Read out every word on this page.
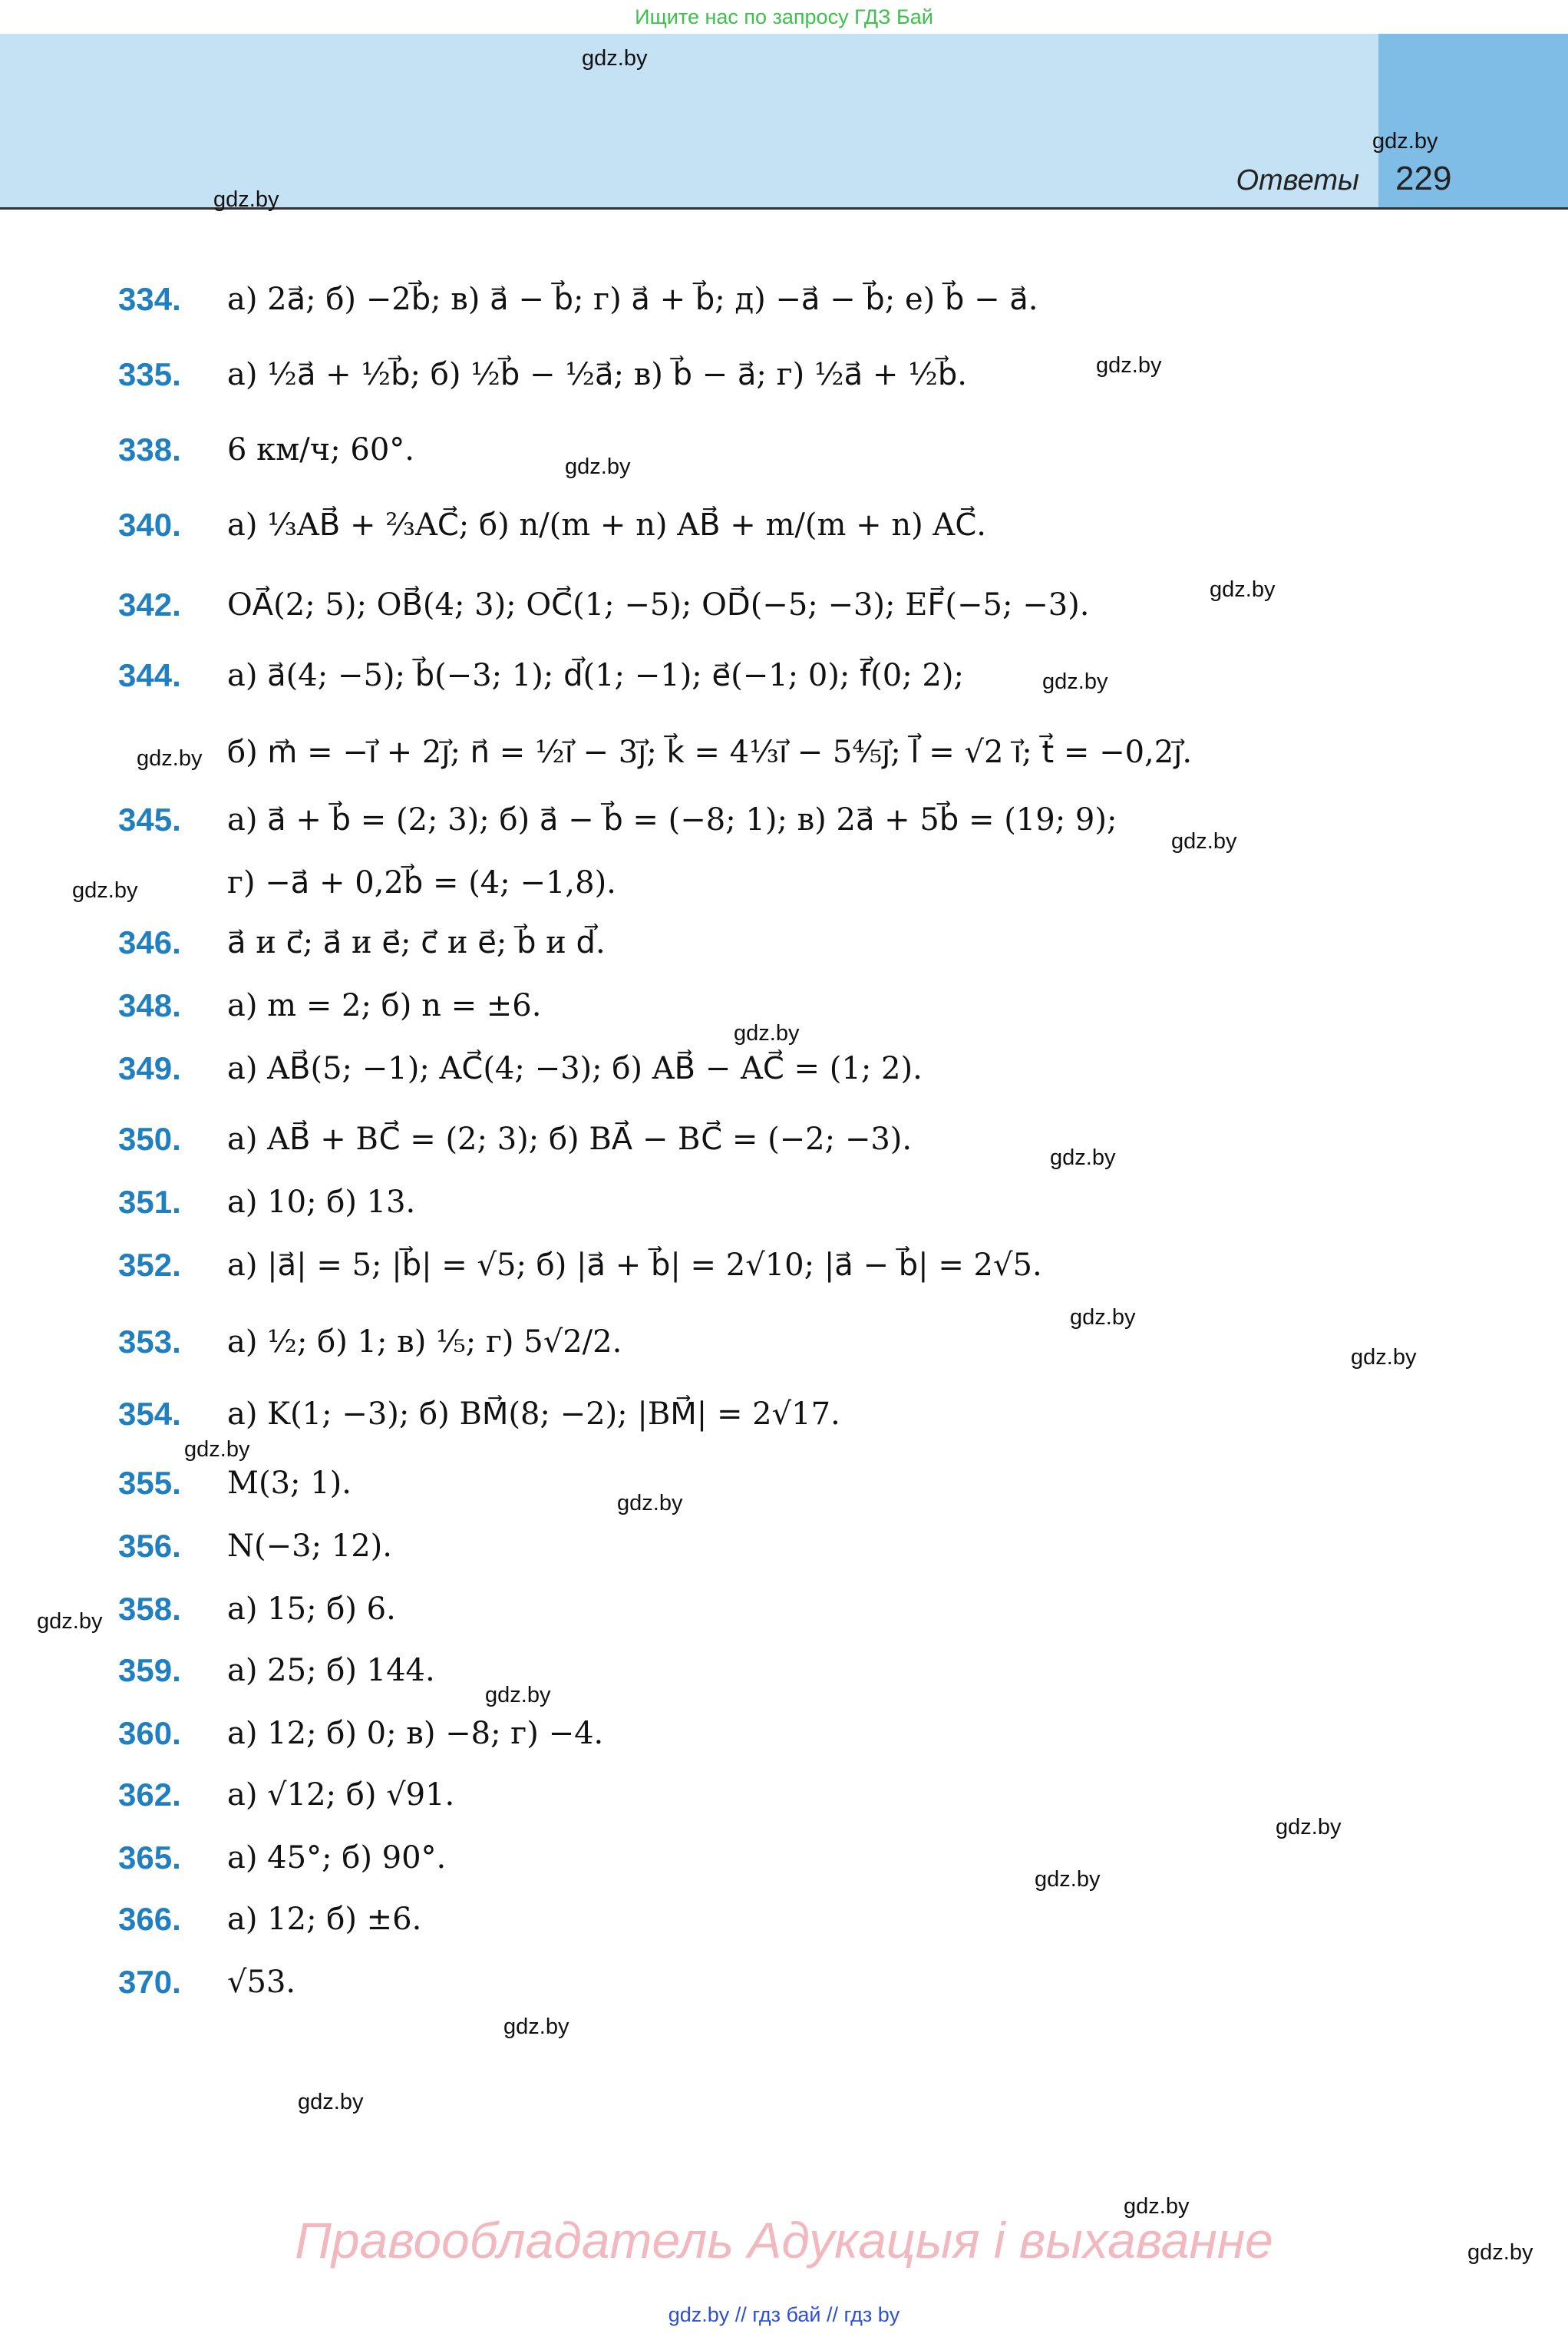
Ищите нас по запросу ГДЗ Бай
Ответы 229
gdz.by
gdz.by
gdz.by
gdz.by
gdz.by
gdz.by
gdz.by
gdz.by
gdz.by
gdz.by
gdz.by
gdz.by
gdz.by
gdz.by
gdz.by
gdz.by
gdz.by
gdz.by
gdz.by
gdz.by
gdz.by
gdz.by
gdz.by
gdz.by
334.	а) 2a⃗; б) −2b⃗; в) a⃗ − b⃗; г) a⃗ + b⃗; д) −a⃗ − b⃗; е) b⃗ − a⃗.
335.	а) ½a⃗ + ½b⃗; б) ½b⃗ − ½a⃗; в) b⃗ − a⃗; г) ½a⃗ + ½b⃗.
338.	6 км/ч; 60°.
340.	а) ⅓AB⃗ + ⅔AC⃗; б) n/(m + n) AB⃗ + m/(m + n) AC⃗.
342.	OA⃗(2; 5); OB⃗(4; 3); OC⃗(1; −5); OD⃗(−5; −3); EF⃗(−5; −3).
344.	а) a⃗(4; −5); b⃗(−3; 1); d⃗(1; −1); e⃗(−1; 0); f⃗(0; 2);
б) m⃗ = −i⃗ + 2j⃗; n⃗ = ½i⃗ − 3j⃗; k⃗ = 4⅓i⃗ − 5⅘j⃗; l⃗ = √2 i⃗; t⃗ = −0,2j⃗.
345.	а) a⃗ + b⃗ = (2; 3); б) a⃗ − b⃗ = (−8; 1); в) 2a⃗ + 5b⃗ = (19; 9);
г) −a⃗ + 0,2b⃗ = (4; −1,8).
346.	a⃗ и c⃗; a⃗ и e⃗; c⃗ и e⃗; b⃗ и d⃗.
348.	а) m = 2; б) n = ±6.
349.	а) AB⃗(5; −1); AC⃗(4; −3); б) AB⃗ − AC⃗ = (1; 2).
350.	а) AB⃗ + BC⃗ = (2; 3); б) BA⃗ − BC⃗ = (−2; −3).
351.	а) 10; б) 13.
352.	а) |a⃗| = 5; |b⃗| = √5; б) |a⃗ + b⃗| = 2√10; |a⃗ − b⃗| = 2√5.
353.	а) ½; б) 1; в) ⅕; г) 5√2/2.
354.	а) K(1; −3); б) BM⃗(8; −2); |BM⃗| = 2√17.
355.	M(3; 1).
356.	N(−3; 12).
358.	а) 15; б) 6.
359.	а) 25; б) 144.
360.	а) 12; б) 0; в) −8; г) −4.
362.	а) √12; б) √91.
365.	а) 45°; б) 90°.
366.	а) 12; б) ±6.
370.	√53.
Правообладатель Адукацыя і выхаванне
gdz.by // гдз бай // гдз by
